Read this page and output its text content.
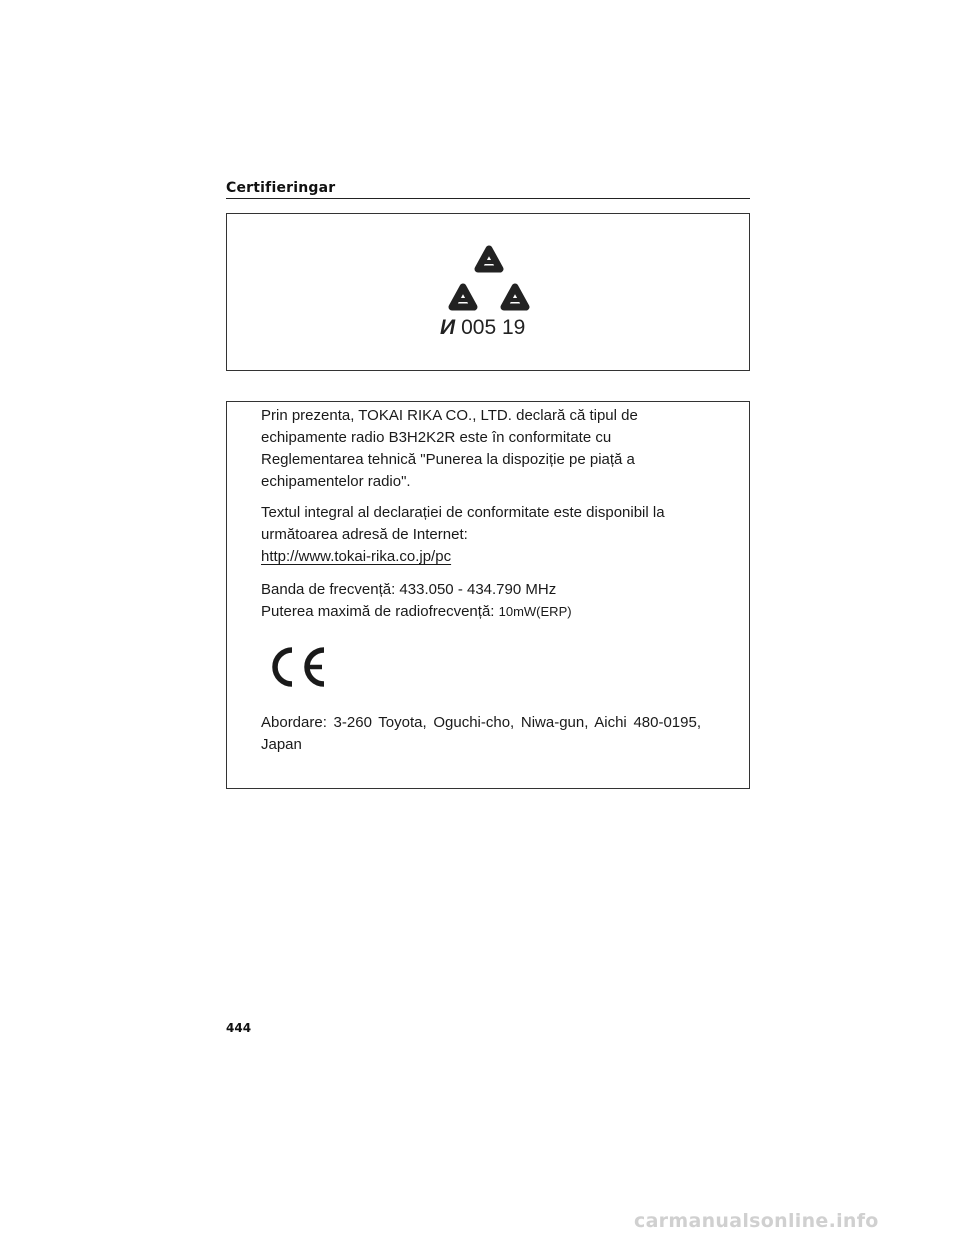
Certifieringar
И 005 19

Prin prezenta, TOKAI RIKA CO., LTD. declară că tipul de echipamente radio B3H2K2R este în conformitate cu Reglementarea tehnică "Punerea la dispoziție pe piață a echipamentelor radio".

Textul integral al declarației de conformitate este disponibil la următoarea adresă de Internet:

http://www.tokai-rika.co.jp/pc

Banda de frecvență: 433.050 - 434.790 MHz

Puterea maximă de radiofrecvență: 10mW(ERP)

Abordare: 3-260 Toyota, Oguchi-cho, Niwa-gun, Aichi 480-0195, Japan

444
carmanualsonline.info
